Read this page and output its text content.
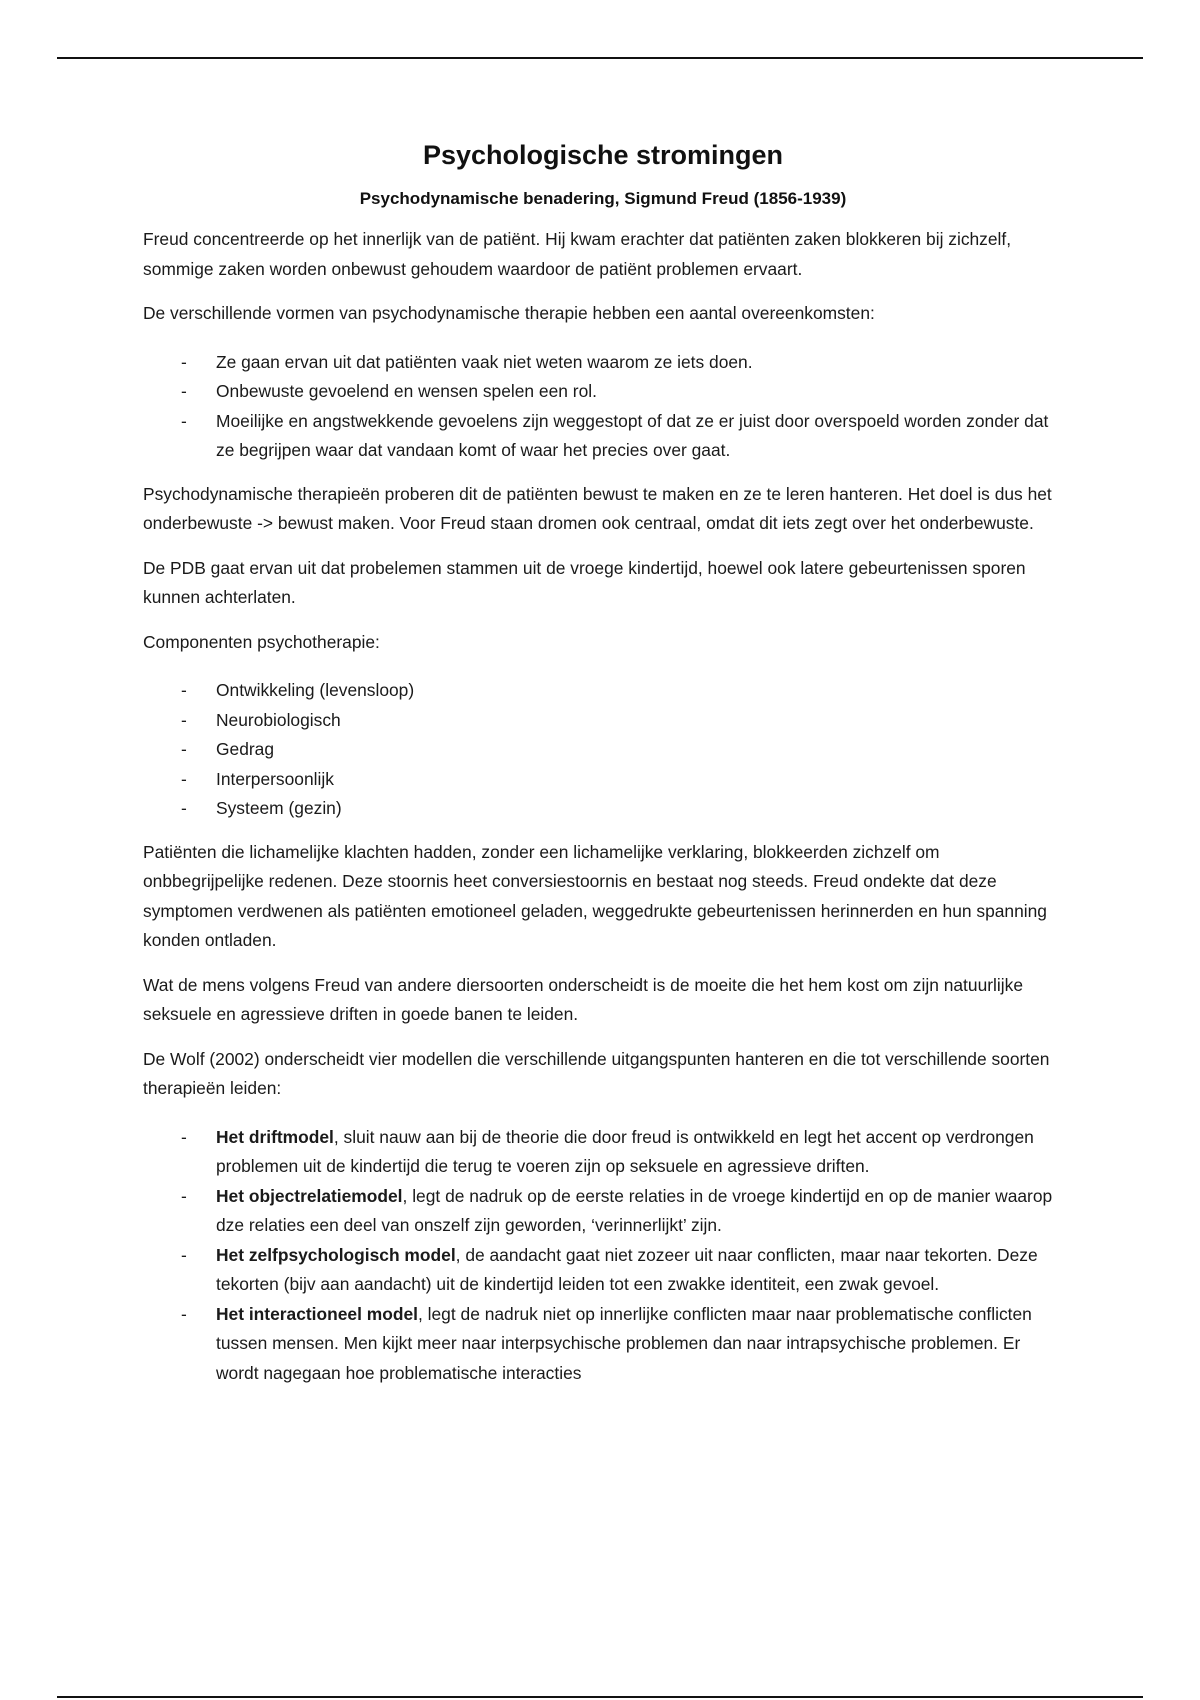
Psychologische stromingen
Psychodynamische benadering, Sigmund Freud (1856-1939)

Freud concentreerde op het innerlijk van de patiënt. Hij kwam erachter dat patiënten zaken blokkeren bij zichzelf, sommige zaken worden onbewust gehoudem waardoor de patiënt problemen ervaart.

De verschillende vormen van psychodynamische therapie hebben een aantal overeenkomsten:

- Ze gaan ervan uit dat patiënten vaak niet weten waarom ze iets doen.
- Onbewuste gevoelend en wensen spelen een rol.
- Moeilijke en angstwekkende gevoelens zijn weggestopt of dat ze er juist door overspoeld worden zonder dat ze begrijpen waar dat vandaan komt of waar het precies over gaat.

Psychodynamische therapieën proberen dit de patiënten bewust te maken en ze te leren hanteren. Het doel is dus het onderbewuste -> bewust maken. Voor Freud staan dromen ook centraal, omdat dit iets zegt over het onderbewuste.

De PDB gaat ervan uit dat probelemen stammen uit de vroege kindertijd, hoewel ook latere gebeurtenissen sporen kunnen achterlaten.

Componenten psychotherapie:

- Ontwikkeling (levensloop)
- Neurobiologisch
- Gedrag
- Interpersoonlijk
- Systeem (gezin)

Patiënten die lichamelijke klachten hadden, zonder een lichamelijke verklaring, blokkeerden zichzelf om onbbegrijpelijke redenen. Deze stoornis heet conversiestoornis en bestaat nog steeds. Freud ondekte dat deze symptomen verdwenen als patiënten emotioneel geladen, weggedrukte gebeurtenissen herinnerden en hun spanning konden ontladen.

Wat de mens volgens Freud van andere diersoorten onderscheidt is de moeite die het hem kost om zijn natuurlijke seksuele en agressieve driften in goede banen te leiden.

De Wolf (2002) onderscheidt vier modellen die verschillende uitgangspunten hanteren en die tot verschillende soorten therapieën leiden:

- Het driftmodel, sluit nauw aan bij de theorie die door freud is ontwikkeld en legt het accent op verdrongen problemen uit de kindertijd die terug te voeren zijn op seksuele en agressieve driften.
- Het objectrelatiemodel, legt de nadruk op de eerste relaties in de vroege kindertijd en op de manier waarop dze relaties een deel van onszelf zijn geworden, ‘verinnerlijkt’ zijn.
- Het zelfpsychologisch model, de aandacht gaat niet zozeer uit naar conflicten, maar naar tekorten. Deze tekorten (bijv aan aandacht) uit de kindertijd leiden tot een zwakke identiteit, een zwak gevoel.
- Het interactioneel model, legt de nadruk niet op innerlijke conflicten maar naar problematische conflicten tussen mensen. Men kijkt meer naar interpsychische problemen dan naar intrapsychische problemen. Er wordt nagegaan hoe problematische interacties
